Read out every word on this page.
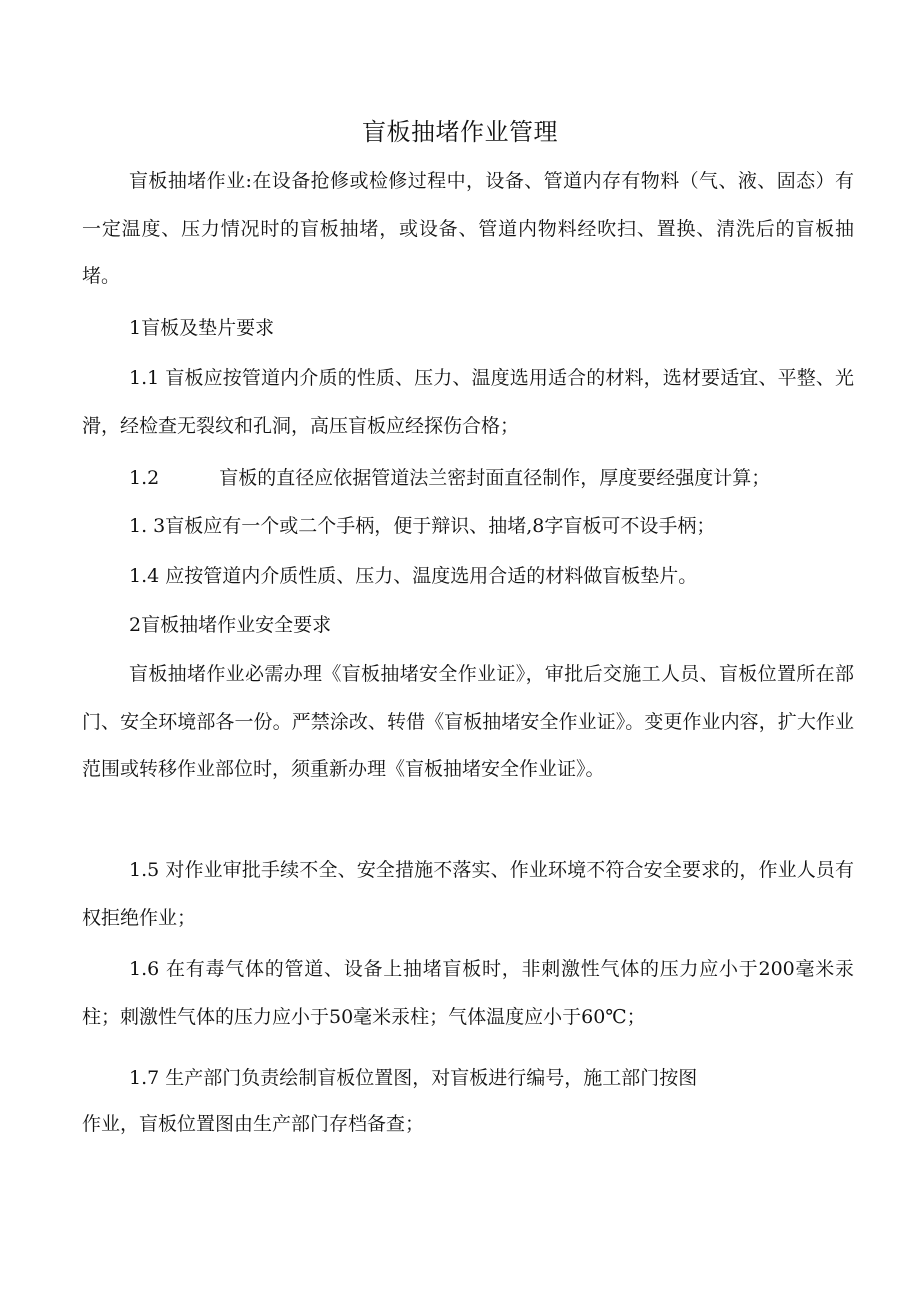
盲板抽堵作业管理

盲板抽堵作业:在设备抢修或检修过程中，设备、管道内存有物料（气、液、固态）有一定温度、压力情况时的盲板抽堵，或设备、管道内物料经吹扫、置换、清洗后的盲板抽堵。

1盲板及垫片要求

1.1 盲板应按管道内介质的性质、压力、温度选用适合的材料，选材要适宜、平整、光滑，经检查无裂纹和孔洞，高压盲板应经探伤合格；

1.2	盲板的直径应依据管道法兰密封面直径制作，厚度要经强度计算；

1. 3盲板应有一个或二个手柄，便于辩识、抽堵,8字盲板可不设手柄；

1.4 应按管道内介质性质、压力、温度选用合适的材料做盲板垫片。

2盲板抽堵作业安全要求

盲板抽堵作业必需办理《盲板抽堵安全作业证》，审批后交施工人员、盲板位置所在部门、安全环境部各一份。严禁涂改、转借《盲板抽堵安全作业证》。变更作业内容，扩大作业范围或转移作业部位时，须重新办理《盲板抽堵安全作业证》。

1.5 对作业审批手续不全、安全措施不落实、作业环境不符合安全要求的，作业人员有权拒绝作业；

1.6 在有毒气体的管道、设备上抽堵盲板时，非刺激性气体的压力应小于200毫米汞柱；刺激性气体的压力应小于50毫米汞柱；气体温度应小于60℃；

1.7 生产部门负责绘制盲板位置图，对盲板进行编号，施工部门按图

作业，盲板位置图由生产部门存档备查；
